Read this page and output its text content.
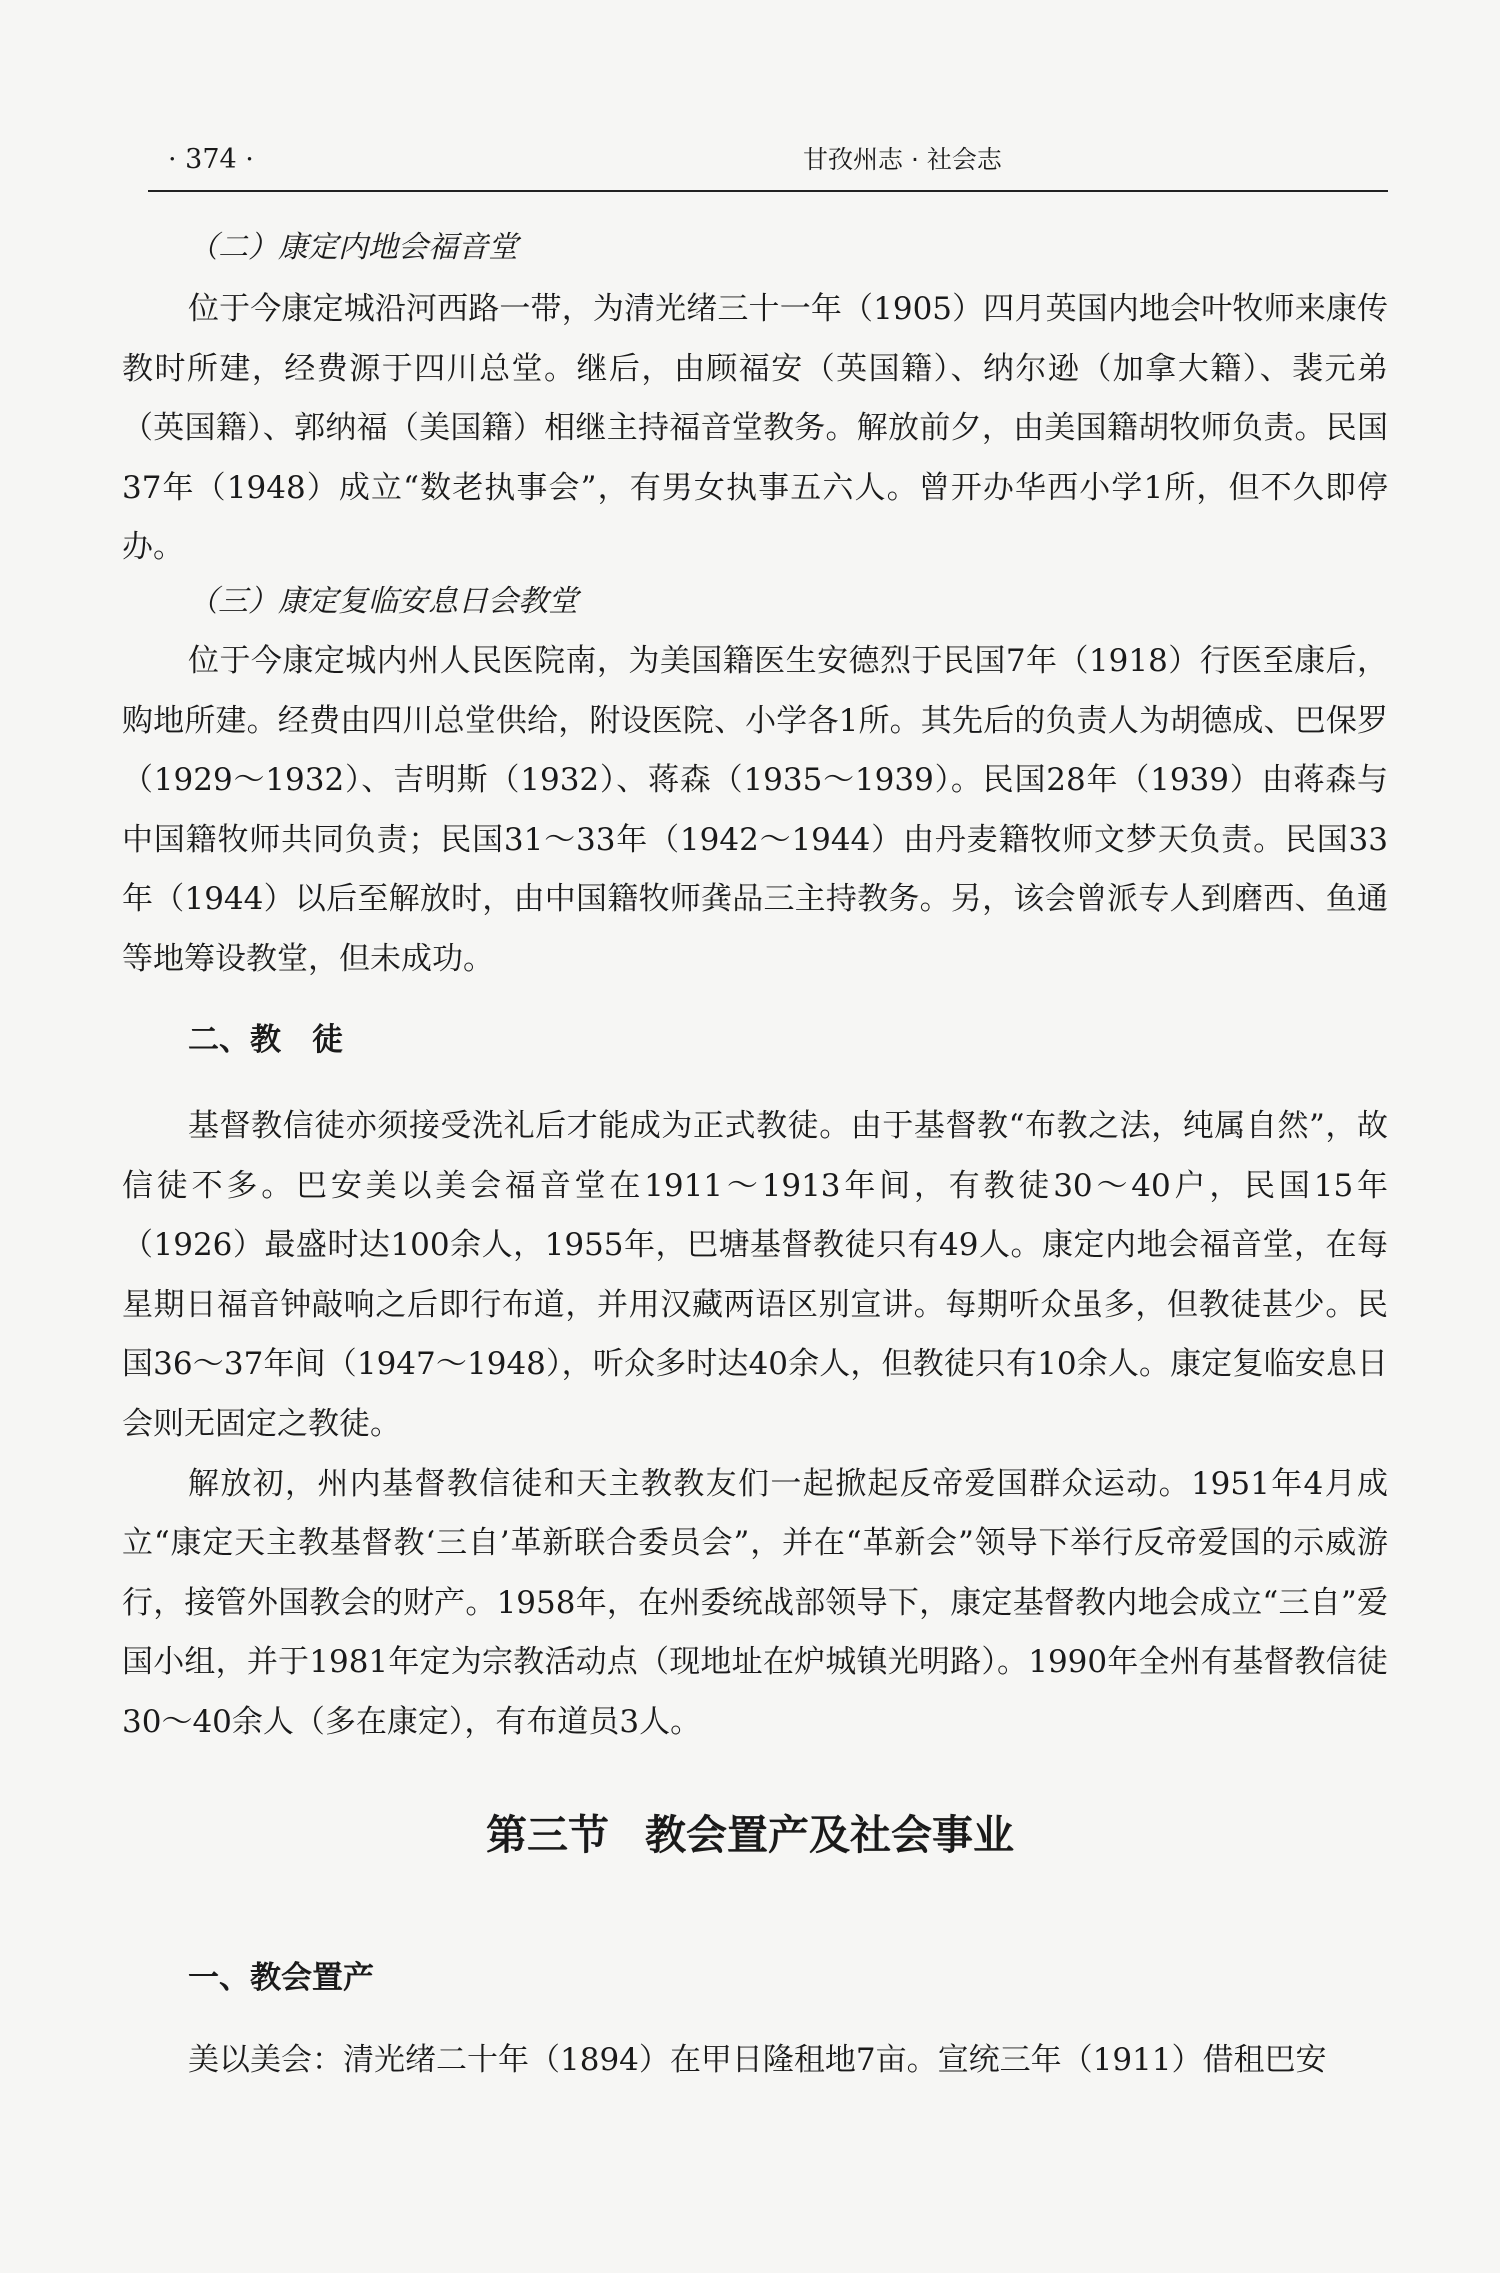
· 374 ·	甘孜州志 · 社会志
（二）康定内地会福音堂

位于今康定城沿河西路一带，为清光绪三十一年（1905）四月英国内地会叶牧师来康传教时所建，经费源于四川总堂。继后，由顾福安（英国籍）、纳尔逊（加拿大籍）、裴元弟（英国籍）、郭纳福（美国籍）相继主持福音堂教务。解放前夕，由美国籍胡牧师负责。民国37年（1948）成立“数老执事会”，有男女执事五六人。曾开办华西小学1所，但不久即停办。

（三）康定复临安息日会教堂

位于今康定城内州人民医院南，为美国籍医生安德烈于民国7年（1918）行医至康后，购地所建。经费由四川总堂供给，附设医院、小学各1所。其先后的负责人为胡德成、巴保罗（1929～1932）、吉明斯（1932）、蒋森（1935～1939）。民国28年（1939）由蒋森与中国籍牧师共同负责；民国31～33年（1942～1944）由丹麦籍牧师文梦天负责。民国33年（1944）以后至解放时，由中国籍牧师龚品三主持教务。另，该会曾派专人到磨西、鱼通等地筹设教堂，但未成功。

二、教　徒

基督教信徒亦须接受洗礼后才能成为正式教徒。由于基督教“布教之法，纯属自然”，故信徒不多。巴安美以美会福音堂在1911～1913年间，有教徒30～40户，民国15年（1926）最盛时达100余人，1955年，巴塘基督教徒只有49人。康定内地会福音堂，在每星期日福音钟敲响之后即行布道，并用汉藏两语区别宣讲。每期听众虽多，但教徒甚少。民国36～37年间（1947～1948），听众多时达40余人，但教徒只有10余人。康定复临安息日会则无固定之教徒。

解放初，州内基督教信徒和天主教教友们一起掀起反帝爱国群众运动。1951年4月成立“康定天主教基督教‘三自’革新联合委员会”，并在“革新会”领导下举行反帝爱国的示威游行，接管外国教会的财产。1958年，在州委统战部领导下，康定基督教内地会成立“三自”爱国小组，并于1981年定为宗教活动点（现地址在炉城镇光明路）。1990年全州有基督教信徒30～40余人（多在康定），有布道员3人。

第三节 教会置产及社会事业
一、教会置产

美以美会：清光绪二十年（1894）在甲日隆租地7亩。宣统三年（1911）借租巴安
